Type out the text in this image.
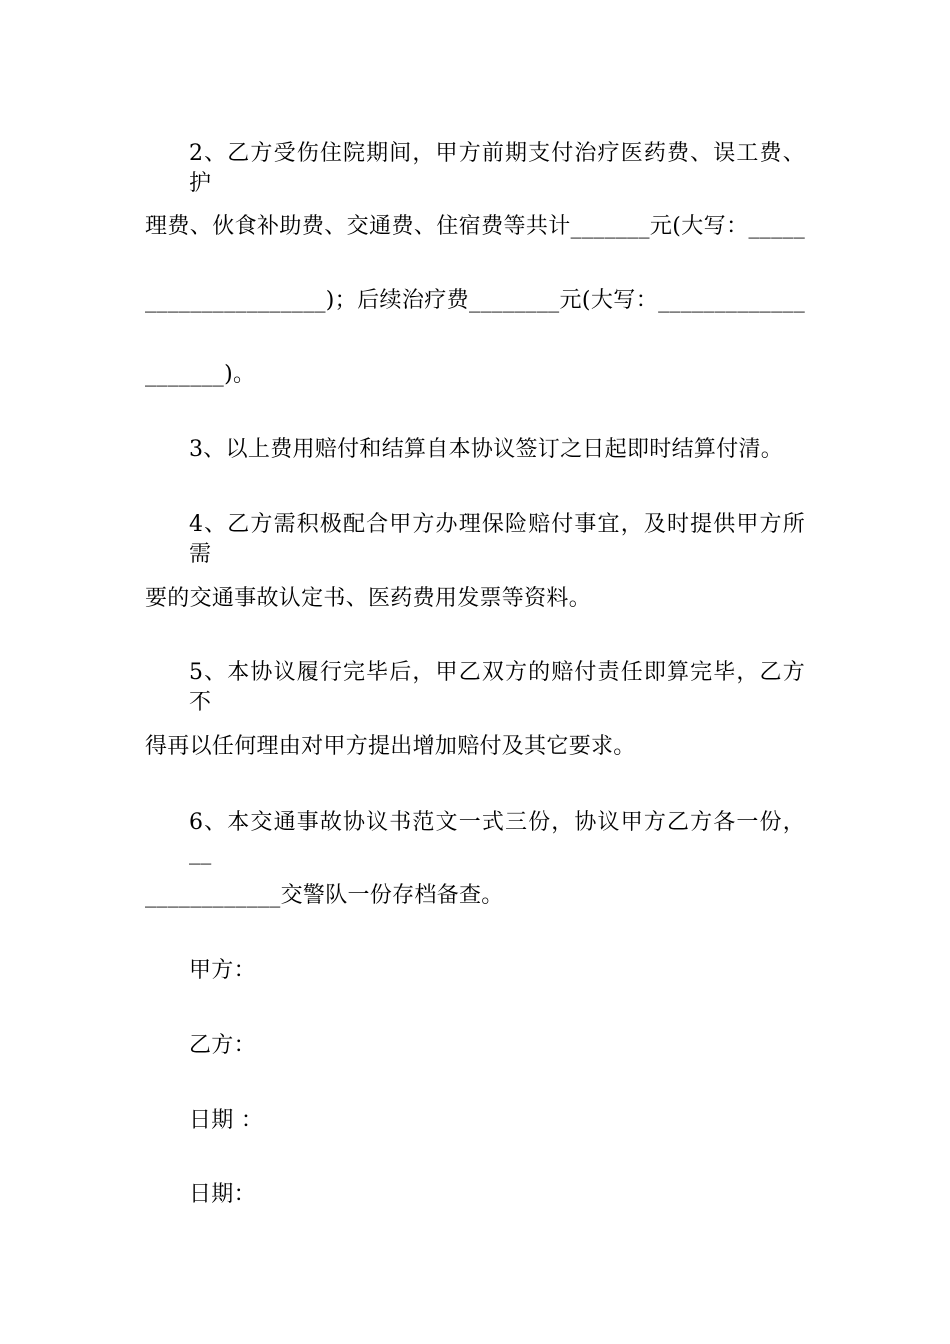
2、乙方受伤住院期间，甲方前期支付治疗医药费、误工费、护
理费、伙食补助费、交通费、住宿费等共计_______元(大写：_____
________________)；后续治疗费________元(大写：_____________
_______)。
3、以上费用赔付和结算自本协议签订之日起即时结算付清。
4、乙方需积极配合甲方办理保险赔付事宜，及时提供甲方所需
要的交通事故认定书、医药费用发票等资料。
5、本协议履行完毕后，甲乙双方的赔付责任即算完毕，乙方不
得再以任何理由对甲方提出增加赔付及其它要求。
6、本交通事故协议书范文一式三份，协议甲方乙方各一份，__
____________交警队一份存档备查。
甲方：
乙方：
日期 ：
日期：
